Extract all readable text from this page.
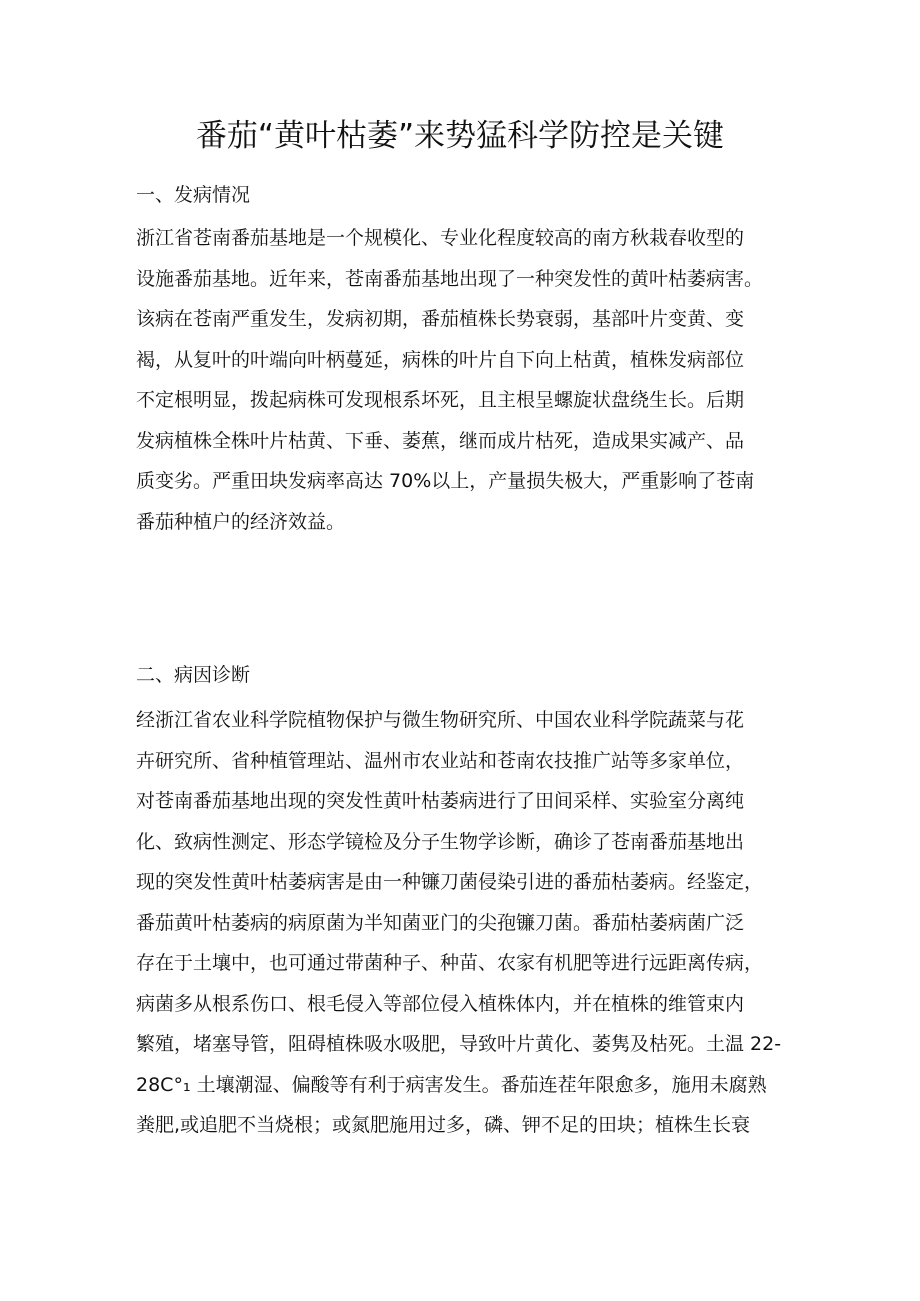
番茄“黄叶枯萎”来势猛科学防控是关键
一、发病情况
浙江省苍南番茄基地是一个规模化、专业化程度较高的南方秋栽春收型的
设施番茄基地。近年来，苍南番茄基地出现了一种突发性的黄叶枯萎病害。
该病在苍南严重发生，发病初期，番茄植株长势衰弱，基部叶片变黄、变
褐，从复叶的叶端向叶柄蔓延，病株的叶片自下向上枯黄，植株发病部位
不定根明显，拨起病株可发现根系坏死，且主根呈螺旋状盘绕生长。后期
发病植株全株叶片枯黄、下垂、萎蕉，继而成片枯死，造成果实减产、品
质变劣。严重田块发病率高达 70%以上，产量损失极大，严重影响了苍南
番茄种植户的经济效益。
二、病因诊断
经浙江省农业科学院植物保护与微生物研究所、中国农业科学院蔬菜与花
卉研究所、省种植管理站、温州市农业站和苍南农技推广站等多家单位，
对苍南番茄基地出现的突发性黄叶枯萎病进行了田间采样、实验室分离纯
化、致病性测定、形态学镜检及分子生物学诊断，确诊了苍南番茄基地出
现的突发性黄叶枯萎病害是由一种镰刀菌侵染引进的番茄枯萎病。经鉴定，
番茄黄叶枯萎病的病原菌为半知菌亚门的尖孢镰刀菌。番茄枯萎病菌广泛
存在于土壤中，也可通过带菌种子、种苗、农家有机肥等进行远距离传病，
病菌多从根系伤口、根毛侵入等部位侵入植株体内，并在植株的维管束内
繁殖，堵塞导管，阻碍植株吸水吸肥，导致叶片黄化、萎隽及枯死。土温 22-
28C°₁ 土壤潮湿、偏酸等有利于病害发生。番茄连茬年限愈多，施用未腐熟
粪肥,或追肥不当烧根；或氮肥施用过多，磷、钾不足的田块；植株生长衰
